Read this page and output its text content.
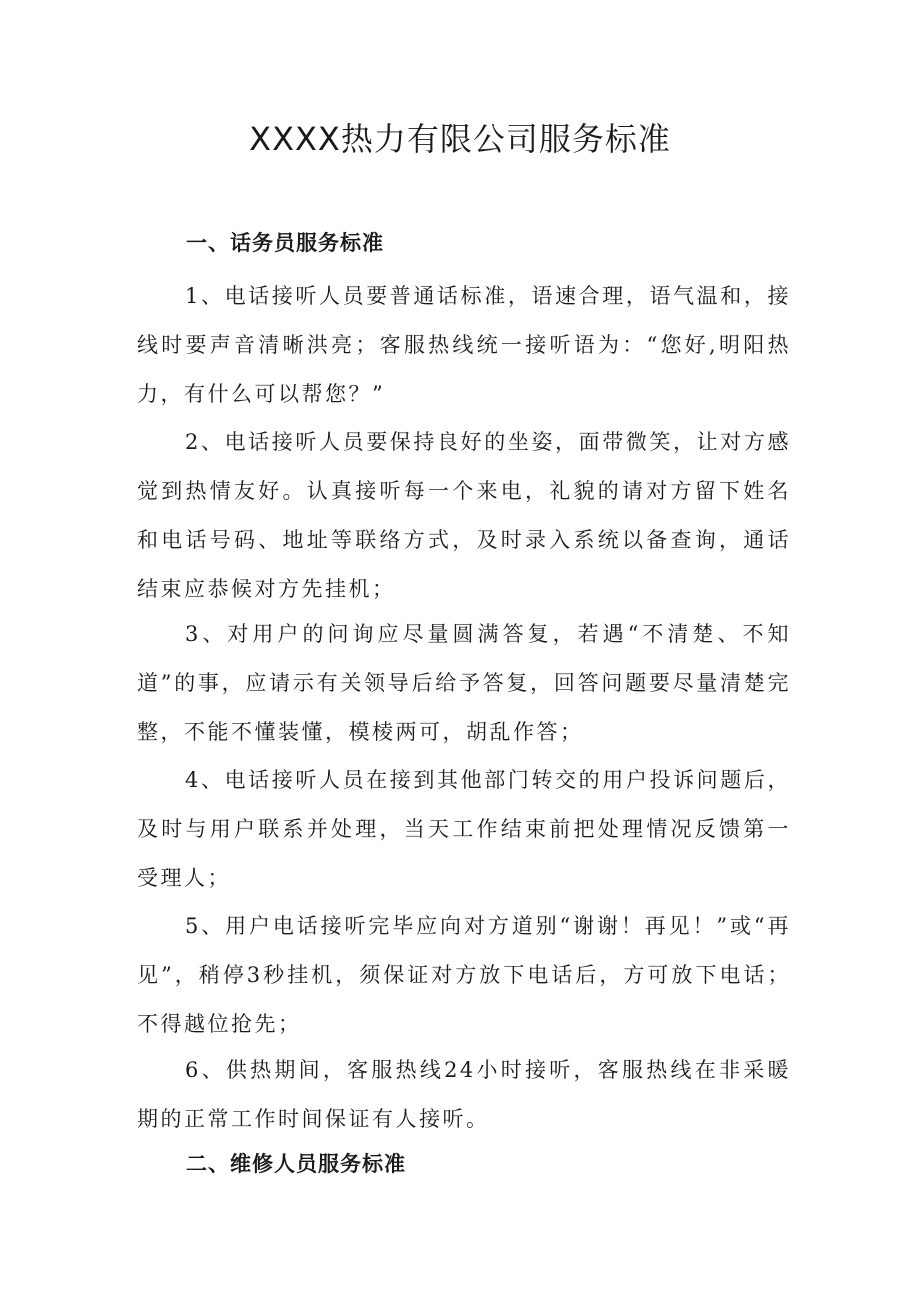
XXXX热力有限公司服务标准
一、话务员服务标准
1、电话接听人员要普通话标准，语速合理，语气温和，接线时要声音清晰洪亮；客服热线统一接听语为：“您好,明阳热力，有什么可以帮您？”
2、电话接听人员要保持良好的坐姿，面带微笑，让对方感觉到热情友好。认真接听每一个来电，礼貌的请对方留下姓名和电话号码、地址等联络方式，及时录入系统以备查询，通话结束应恭候对方先挂机；
3、对用户的问询应尽量圆满答复，若遇“不清楚、不知道”的事，应请示有关领导后给予答复，回答问题要尽量清楚完整，不能不懂装懂，模棱两可，胡乱作答；
4、电话接听人员在接到其他部门转交的用户投诉问题后，及时与用户联系并处理，当天工作结束前把处理情况反馈第一受理人；
5、用户电话接听完毕应向对方道别“谢谢！再见！”或“再见”，稍停3秒挂机，须保证对方放下电话后，方可放下电话；不得越位抢先；
6、供热期间，客服热线24小时接听，客服热线在非采暖期的正常工作时间保证有人接听。
二、维修人员服务标准
